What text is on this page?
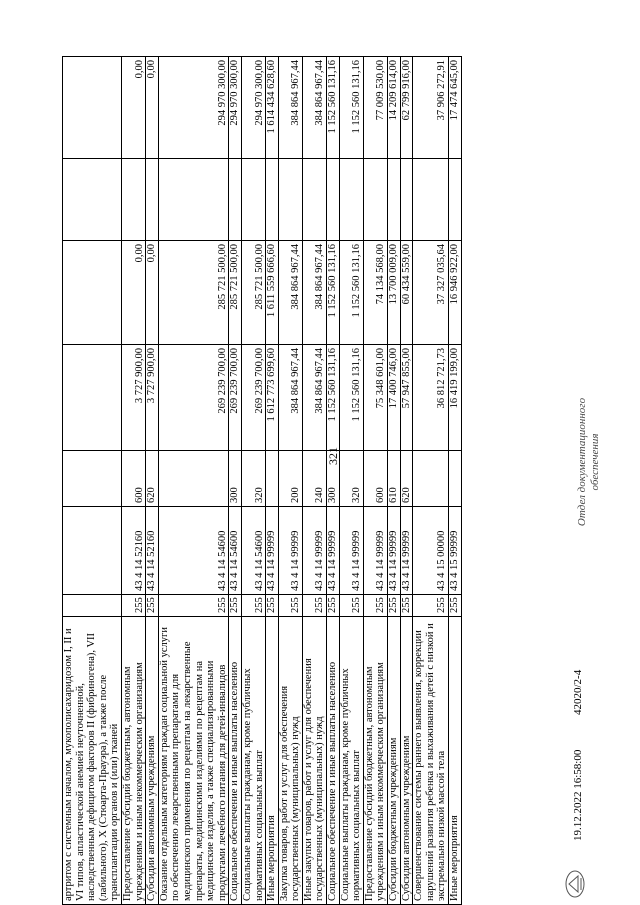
321
артритом с системным началом, мукополисахаридозом I, II и VI типов, апластической анемией неуточненной, наследственным дефицитом факторов II (фибриногена), VII (лабильного), X (Стюарта-Прауэра), а также после трансплантации органов и (или) тканей							
Предоставление субсидий бюджетным, автономным учреждениям и иным некоммерческим организациям	255	43 4 14 52160	600	3 727 900,00	0,00		0,00
Субсидии автономным учреждениям	255	43 4 14 52160	620	3 727 900,00	0,00		0,00
Оказание отдельным категориям граждан социальной услуги по обеспечению лекарственными препаратами для медицинского применения по рецептам на лекарственные препараты, медицинскими изделиями по рецептам на медицинские изделия, а также специализированными продуктами лечебного питания для детей-инвалидов	255	43 4 14 54600		269 239 700,00	285 721 500,00		294 970 300,00
Социальное обеспечение и иные выплаты населению	255	43 4 14 54600	300	269 239 700,00	285 721 500,00		294 970 300,00
Социальные выплаты гражданам, кроме публичных нормативных социальных выплат	255	43 4 14 54600	320	269 239 700,00	285 721 500,00		294 970 300,00
Иные мероприятия	255	43 4 14 99999		1 612 773 699,60	1 611 559 666,60		1 614 434 628,60
Закупка товаров, работ и услуг для обеспечения государственных (муниципальных) нужд	255	43 4 14 99999	200	384 864 967,44	384 864 967,44		384 864 967,44
Иные закупки товаров, работ и услуг для обеспечения государственных (муниципальных) нужд	255	43 4 14 99999	240	384 864 967,44	384 864 967,44		384 864 967,44
Социальное обеспечение и иные выплаты населению	255	43 4 14 99999	300	1 152 560 131,16	1 152 560 131,16		1 152 560 131,16
Социальные выплаты гражданам, кроме публичных нормативных социальных выплат	255	43 4 14 99999	320	1 152 560 131,16	1 152 560 131,16		1 152 560 131,16
Предоставление субсидий бюджетным, автономным учреждениям и иным некоммерческим организациям	255	43 4 14 99999	600	75 348 601,00	74 134 568,00		77 009 530,00
Субсидии бюджетным учреждениям	255	43 4 14 99999	610	17 400 746,00	13 700 009,00		14 209 614,00
Субсидии автономным учреждениям	255	43 4 14 99999	620	57 947 855,00	60 434 559,00		62 799 916,00
Совершенствование системы раннего выявления, коррекции нарушений развития ребенка и выхаживания детей с низкой и экстремально низкой массой тела	255	43 4 15 00000		36 812 721,73	37 327 035,64		37 906 272,91
Иные мероприятия	255	43 4 15 99999		16 419 199,00	16 946 922,00		17 474 645,00
19.12.2022 16:58:00
42020/2-4
Отдел документационного обеспечения
